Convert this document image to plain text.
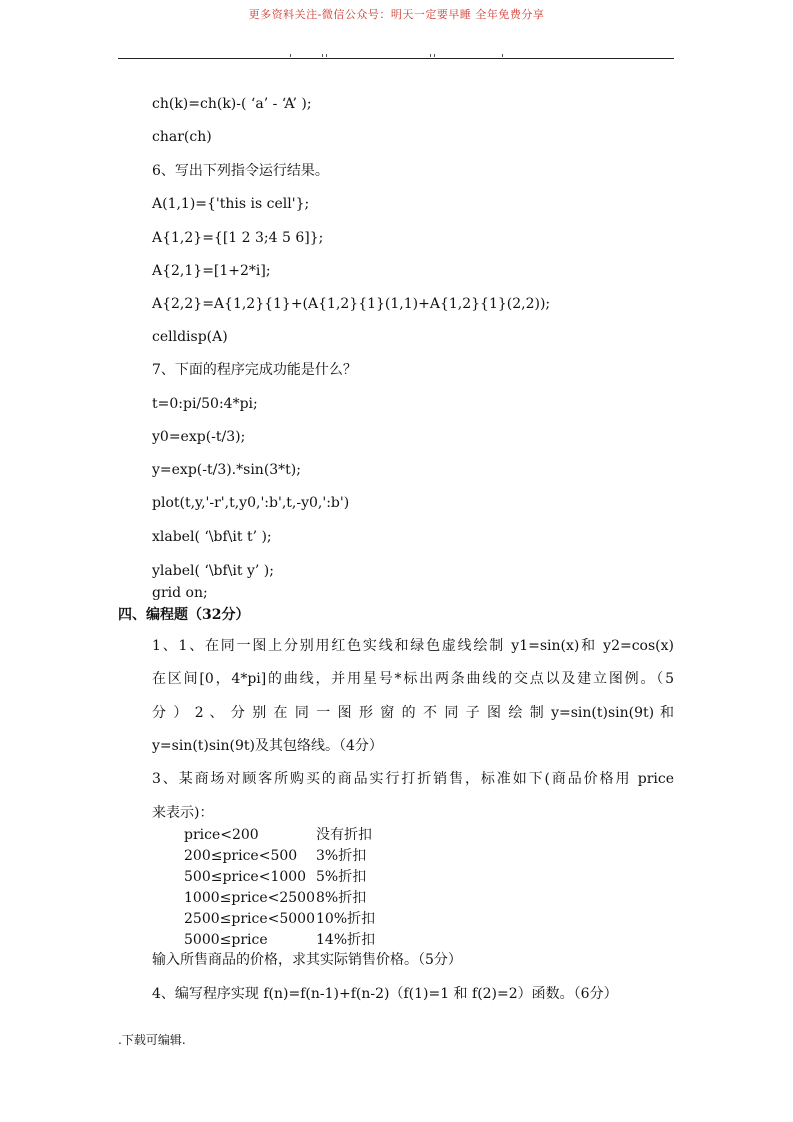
更多资料关注-微信公众号：明天一定要早睡 全年免费分享
ch(k)=ch(k)-( ‘a’ - ‘A’ );
char(ch)
6、写出下列指令运行结果。
A(1,1)={'this is cell'};
A{1,2}={[1 2 3;4 5 6]};
A{2,1}=[1+2*i];
A{2,2}=A{1,2}{1}+(A{1,2}{1}(1,1)+A{1,2}{1}(2,2));
celldisp(A)
7、下面的程序完成功能是什么？
t=0:pi/50:4*pi;
y0=exp(-t/3);
y=exp(-t/3).*sin(3*t);
plot(t,y,'-r',t,y0,':b',t,-y0,':b')
xlabel( ‘\bf\it t’ );
ylabel( ‘\bf\it y’ );
grid on;
四、编程题（32分）
1、1、在同一图上分别用红色实线和绿色虚线绘制 y1=sin(x)和 y2=cos(x)
在区间[0，4*pi]的曲线，并用星号*标出两条曲线的交点以及建立图例。（5
分 ） 2 、 分 别 在 同 一 图 形 窗 的 不 同 子 图 绘 制 y=sin(t)sin(9t) 和
y=sin(t)sin(9t)及其包络线。（4分）
3、某商场对顾客所购买的商品实行打折销售，标准如下(商品价格用 price
来表示)：
price<200	没有折扣
200≤price<500 3%折扣
500≤price<1000 5%折扣
1000≤price<2500 8%折扣
2500≤price<5000 10%折扣
5000≤price	14%折扣
输入所售商品的价格，求其实际销售价格。（5分）
4、编写程序实现 f(n)=f(n-1)+f(n-2)（f(1)=1 和 f(2)=2）函数。（6分）
.下载可编辑.
